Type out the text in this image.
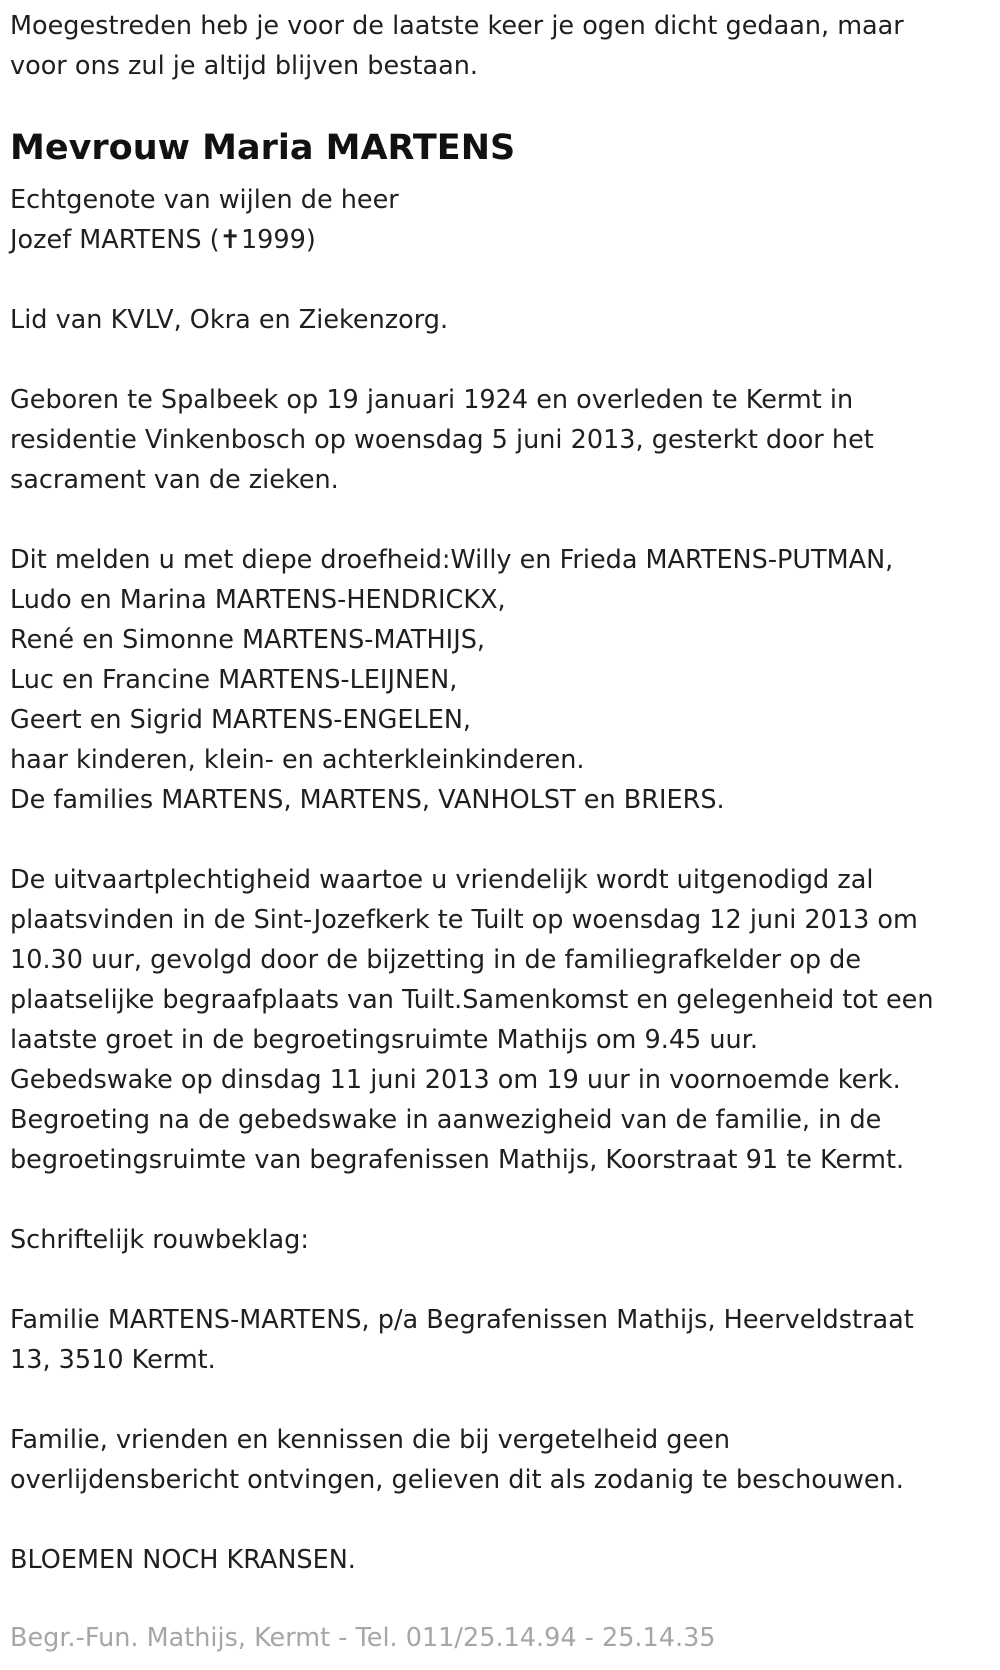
Moegestreden heb je voor de laatste keer je ogen dicht gedaan, maar
voor ons zul je altijd blijven bestaan.

Mevrouw Maria MARTENS

Echtgenote van wijlen de heer
Jozef MARTENS (✝1999)

Lid van KVLV, Okra en Ziekenzorg.

Geboren te Spalbeek op 19 januari 1924 en overleden te Kermt in
residentie Vinkenbosch op woensdag 5 juni 2013, gesterkt door het
sacrament van de zieken.

Dit melden u met diepe droefheid:Willy en Frieda MARTENS-PUTMAN,
Ludo en Marina MARTENS-HENDRICKX,
René en Simonne MARTENS-MATHIJS,
Luc en Francine MARTENS-LEIJNEN,
Geert en Sigrid MARTENS-ENGELEN,
haar kinderen, klein- en achterkleinkinderen.
De families MARTENS, MARTENS, VANHOLST en BRIERS.

De uitvaartplechtigheid waartoe u vriendelijk wordt uitgenodigd zal
plaatsvinden in de Sint-Jozefkerk te Tuilt op woensdag 12 juni 2013 om
10.30 uur, gevolgd door de bijzetting in de familiegrafkelder op de
plaatselijke begraafplaats van Tuilt.Samenkomst en gelegenheid tot een
laatste groet in de begroetingsruimte Mathijs om 9.45 uur.
Gebedswake op dinsdag 11 juni 2013 om 19 uur in voornoemde kerk.
Begroeting na de gebedswake in aanwezigheid van de familie, in de
begroetingsruimte van begrafenissen Mathijs, Koorstraat 91 te Kermt.

Schriftelijk rouwbeklag:

Familie MARTENS-MARTENS, p/a Begrafenissen Mathijs, Heerveldstraat
13, 3510 Kermt.

Familie, vrienden en kennissen die bij vergetelheid geen
overlijdensbericht ontvingen, gelieven dit als zodanig te beschouwen.

BLOEMEN NOCH KRANSEN.

Begr.-Fun. Mathijs, Kermt - Tel. 011/25.14.94 - 25.14.35
